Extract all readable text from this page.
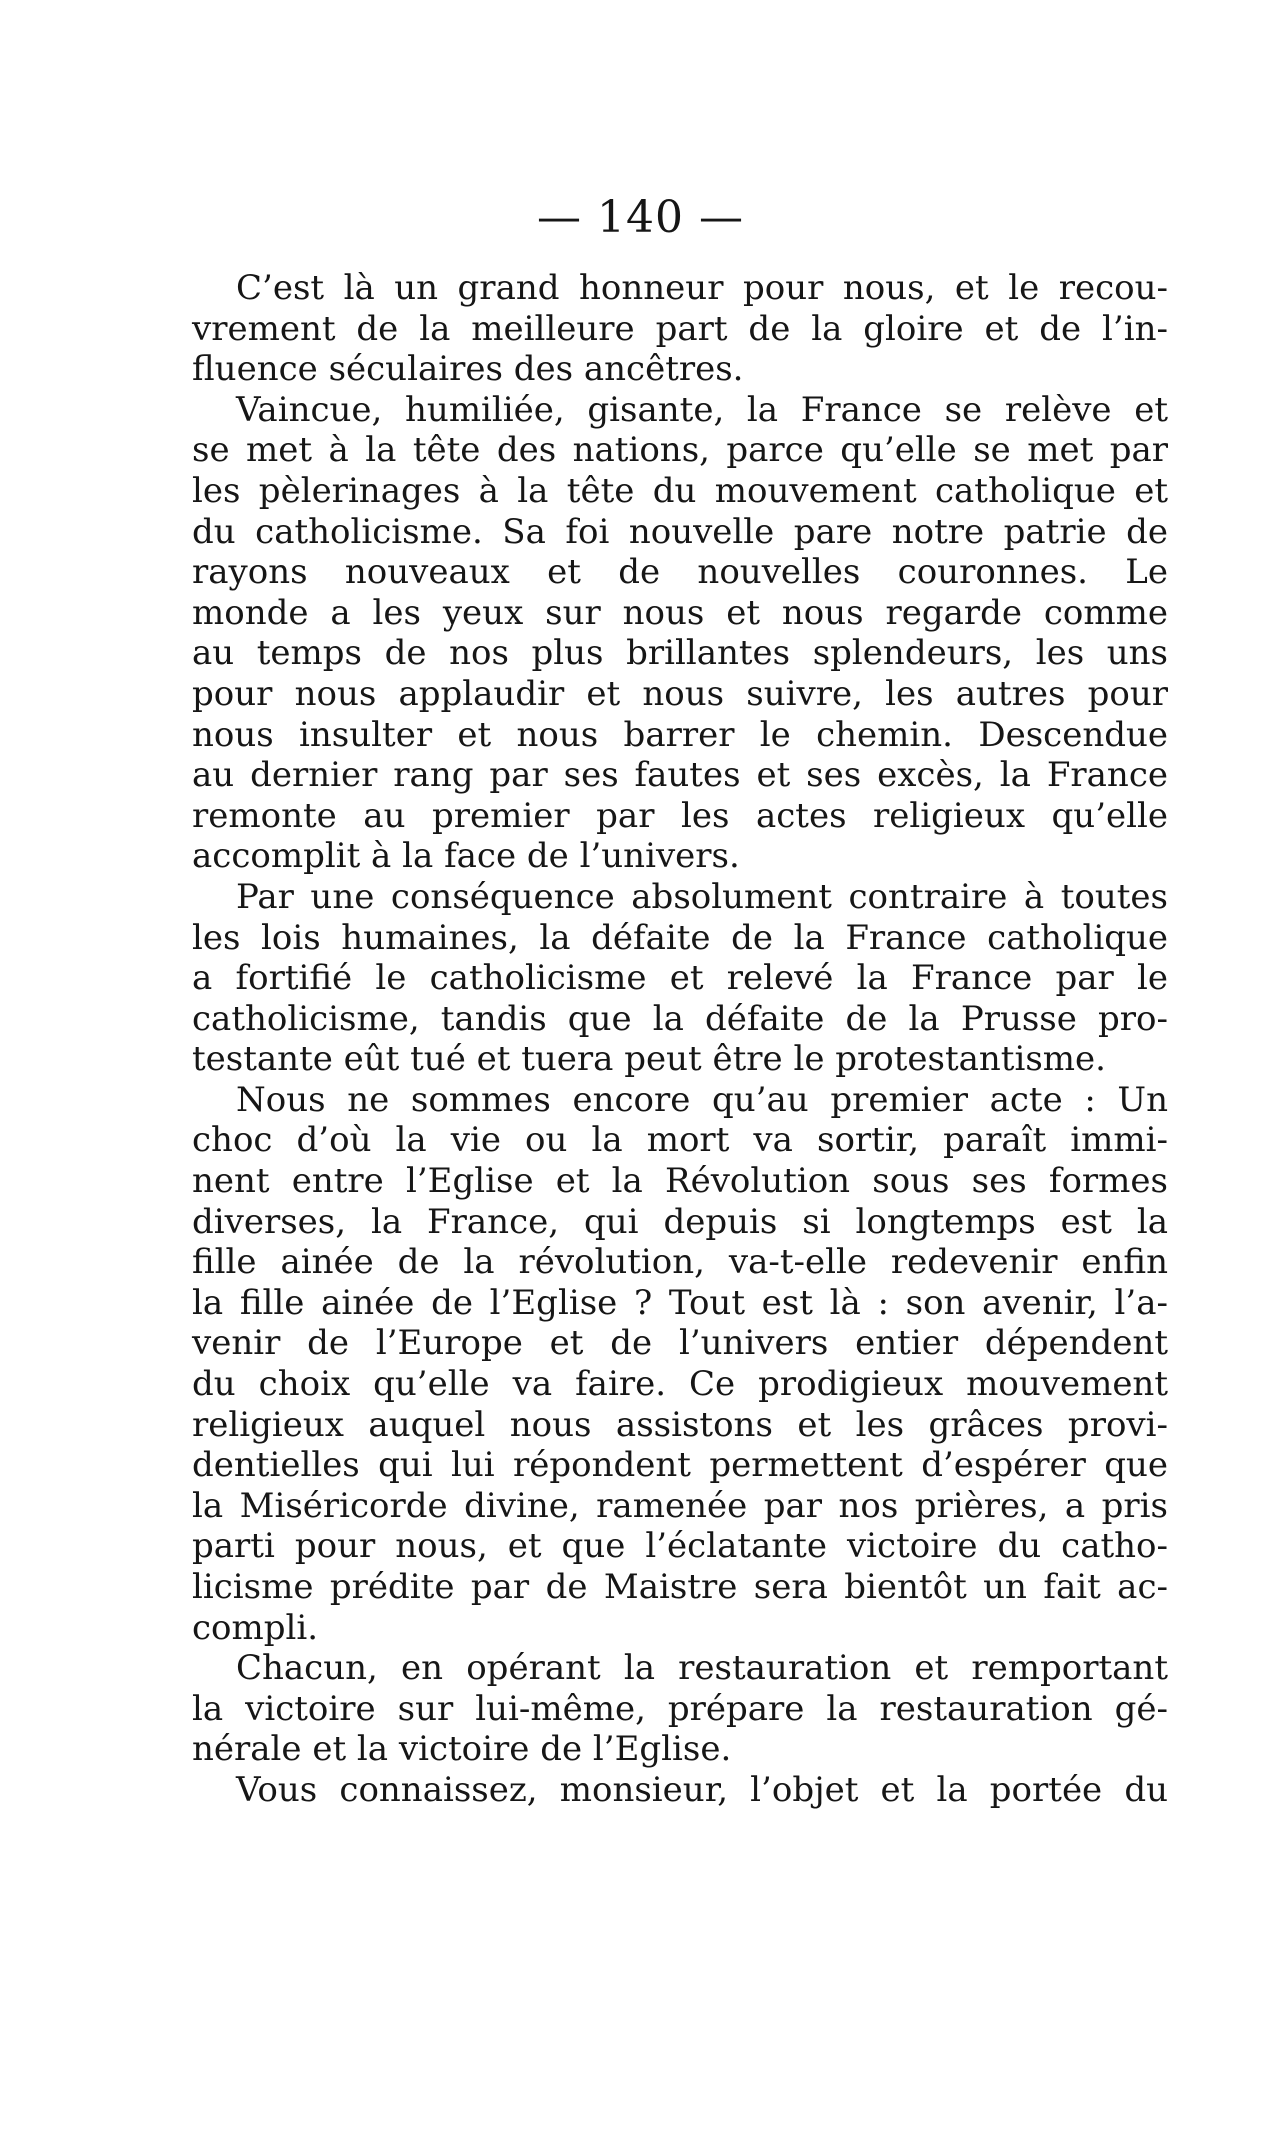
— 140 —
C’est là un grand honneur pour nous, et le recou-
vrement de la meilleure part de la gloire et de l’in-
fluence séculaires des ancêtres.
Vaincue, humiliée, gisante, la France se relève et
se met à la tête des nations, parce qu’elle se met par
les pèlerinages à la tête du mouvement catholique et
du catholicisme. Sa foi nouvelle pare notre patrie de
rayons nouveaux et de nouvelles couronnes. Le
monde a les yeux sur nous et nous regarde comme
au temps de nos plus brillantes splendeurs, les uns
pour nous applaudir et nous suivre, les autres pour
nous insulter et nous barrer le chemin. Descendue
au dernier rang par ses fautes et ses excès, la France
remonte au premier par les actes religieux qu’elle
accomplit à la face de l’univers.
Par une conséquence absolument contraire à toutes
les lois humaines, la défaite de la France catholique
a fortifié le catholicisme et relevé la France par le
catholicisme, tandis que la défaite de la Prusse pro-
testante eût tué et tuera peut être le protestantisme.
Nous ne sommes encore qu’au premier acte : Un
choc d’où la vie ou la mort va sortir, paraît immi-
nent entre l’Eglise et la Révolution sous ses formes
diverses, la France, qui depuis si longtemps est la
fille ainée de la révolution, va-t-elle redevenir enfin
la fille ainée de l’Eglise ? Tout est là : son avenir, l’a-
venir de l’Europe et de l’univers entier dépendent
du choix qu’elle va faire. Ce prodigieux mouvement
religieux auquel nous assistons et les grâces provi-
dentielles qui lui répondent permettent d’espérer que
la Miséricorde divine, ramenée par nos prières, a pris
parti pour nous, et que l’éclatante victoire du catho-
licisme prédite par de Maistre sera bientôt un fait ac-
compli.
Chacun, en opérant la restauration et remportant
la victoire sur lui-même, prépare la restauration gé-
nérale et la victoire de l’Eglise.
Vous connaissez, monsieur, l’objet et la portée du
